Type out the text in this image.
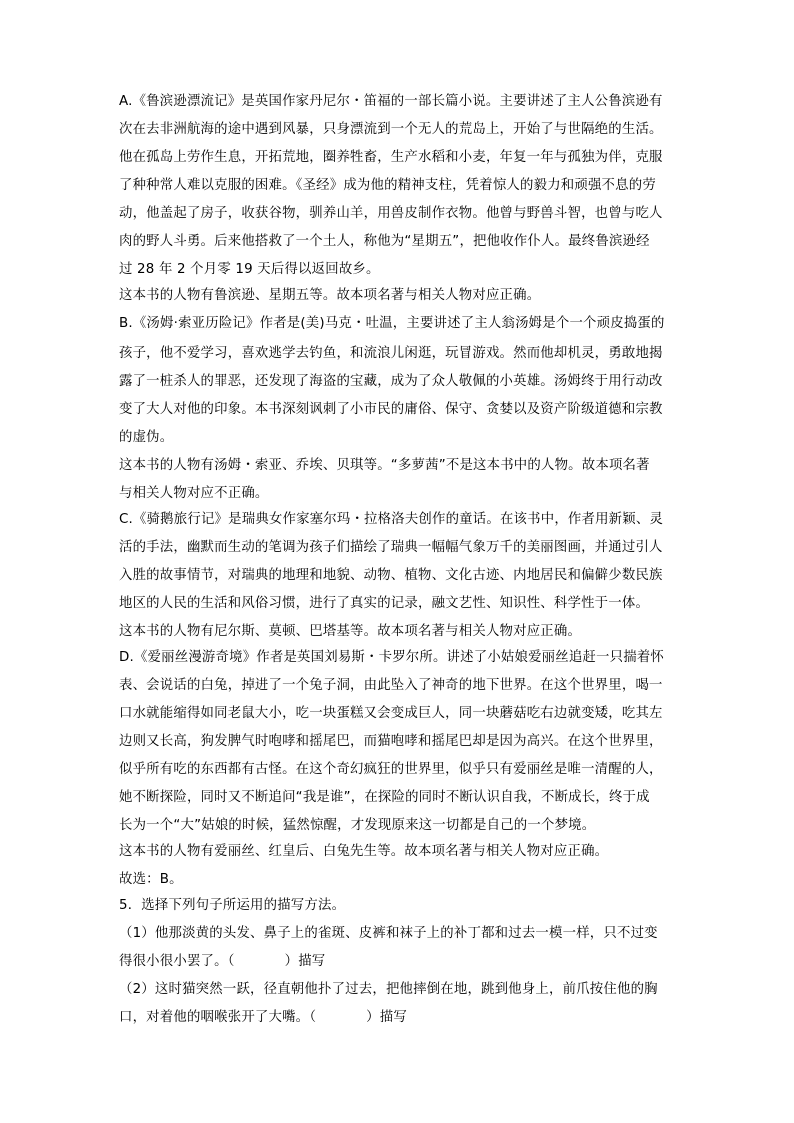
A.《鲁滨逊漂流记》是英国作家丹尼尔・笛福的一部长篇小说。主要讲述了主人公鲁滨逊有
次在去非洲航海的途中遇到风暴，只身漂流到一个无人的荒岛上，开始了与世隔绝的生活。
他在孤岛上劳作生息，开拓荒地，圈养牲畜，生产水稻和小麦，年复一年与孤独为伴，克服
了种种常人难以克服的困难。《圣经》成为他的精神支柱，凭着惊人的毅力和顽强不息的劳
动，他盖起了房子，收获谷物，驯养山羊，用兽皮制作衣物。他曾与野兽斗智，也曾与吃人
肉的野人斗勇。后来他搭救了一个土人，称他为“星期五”，把他收作仆人。最终鲁滨逊经
过 28 年 2 个月零 19 天后得以返回故乡。
这本书的人物有鲁滨逊、星期五等。故本项名著与相关人物对应正确。
B.《汤姆·索亚历险记》作者是(美)马克・吐温，主要讲述了主人翁汤姆是个一个顽皮捣蛋的
孩子，他不爱学习，喜欢逃学去钓鱼，和流浪儿闲逛，玩冒游戏。然而他却机灵，勇敢地揭
露了一桩杀人的罪恶，还发现了海盗的宝藏，成为了众人敬佩的小英雄。汤姆终于用行动改
变了大人对他的印象。本书深刻讽刺了小市民的庸俗、保守、贪婪以及资产阶级道德和宗教
的虚伪。
这本书的人物有汤姆・索亚、乔埃、贝琪等。“多萝茜”不是这本书中的人物。故本项名著
与相关人物对应不正确。
C.《骑鹅旅行记》是瑞典女作家塞尔玛・拉格洛夫创作的童话。在该书中，作者用新颖、灵
活的手法，幽默而生动的笔调为孩子们描绘了瑞典一幅幅气象万千的美丽图画，并通过引人
入胜的故事情节，对瑞典的地理和地貌、动物、植物、文化古迹、内地居民和偏僻少数民族
地区的人民的生活和风俗习惯，进行了真实的记录，融文艺性、知识性、科学性于一体。
这本书的人物有尼尔斯、莫顿、巴塔基等。故本项名著与相关人物对应正确。
D.《爱丽丝漫游奇境》作者是英国刘易斯・卡罗尔所。讲述了小姑娘爱丽丝追赶一只揣着怀
表、会说话的白兔，掉进了一个兔子洞，由此坠入了神奇的地下世界。在这个世界里，喝一
口水就能缩得如同老鼠大小，吃一块蛋糕又会变成巨人，同一块蘑菇吃右边就变矮，吃其左
边则又长高，狗发脾气时咆哮和摇尾巴，而猫咆哮和摇尾巴却是因为高兴。在这个世界里，
似乎所有吃的东西都有古怪。在这个奇幻疯狂的世界里，似乎只有爱丽丝是唯一清醒的人，
她不断探险，同时又不断追问“我是谁”，在探险的同时不断认识自我，不断成长，终于成
长为一个“大”姑娘的时候，猛然惊醒，才发现原来这一切都是自己的一个梦境。
这本书的人物有爱丽丝、红皇后、白兔先生等。故本项名著与相关人物对应正确。
故选：B。
5．选择下列句子所运用的描写方法。
（1）他那淡黄的头发、鼻子上的雀斑、皮裤和袜子上的补丁都和过去一模一样，只不过变
得很小很小罢了。（	）描写
（2）这时猫突然一跃，径直朝他扑了过去，把他摔倒在地，跳到他身上，前爪按住他的胸
口，对着他的咽喉张开了大嘴。（	）描写
